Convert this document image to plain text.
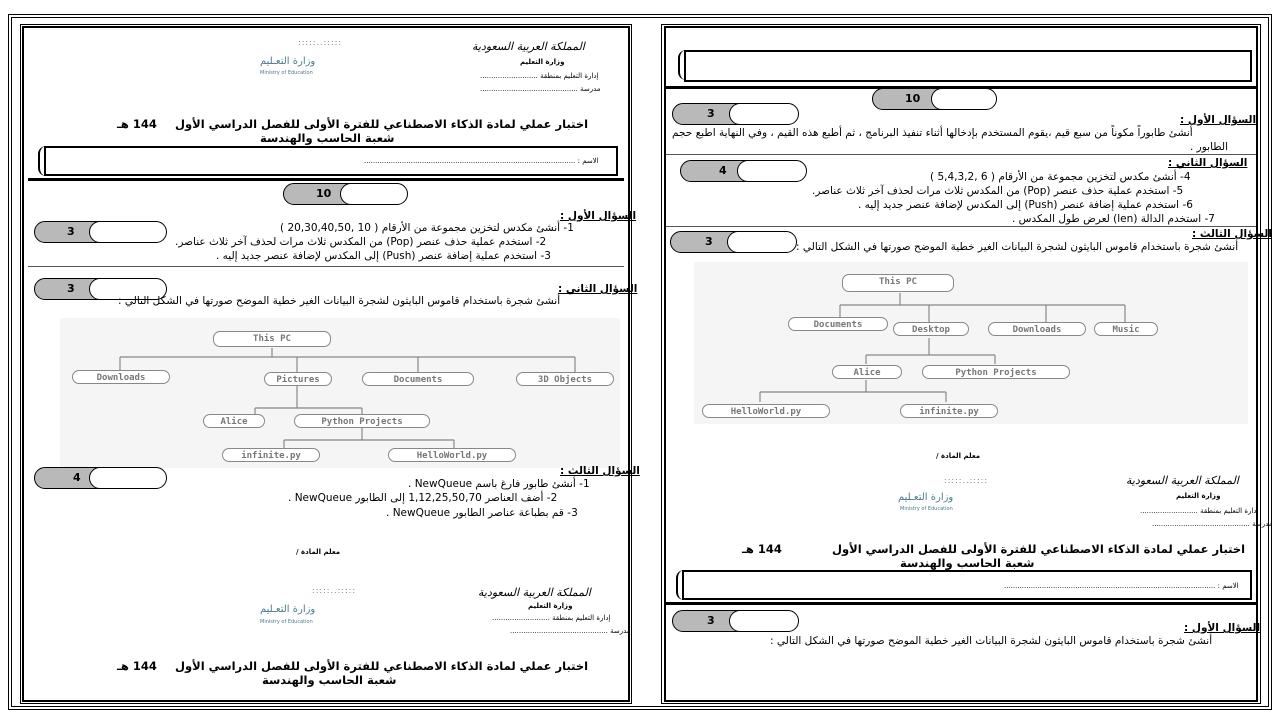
المملكة العربية السعودية
وزارة التعليم
إدارة التعليم بمنطقة ..........................
مدرسة ............................................
:::::..:::::
وزارة التعـليم
Ministry of Education
اختبار عملي لمادة الذكاء الاصطناعي للفترة الأولى للفصل الدراسي الأول
144 هـ
شعبة الحاسب والهندسة
الاسم : ...............................................................................................
10
3
السؤال الأول :
1- أنشئ مكدس لتخزين مجموعة من الأرقام ( 10 ,20,30,40,50 )
2- استخدم عملية حذف عنصر (Pop) من المكدس ثلاث مرات لحذف آخر ثلاث عناصر.
3- استخدم عملية إضافة عنصر (Push) إلى المكدس لإضافة عنصر جديد إليه .
3	السؤال الثاني :
أنشئ شجرة باستخدام قاموس البايثون لشجرة البيانات الغير خطية الموضح صورتها في الشكل التالي :
This PC
Downloads	Pictures	Documents	3D Objects
Alice	Python Projects
infinite.py	HelloWorld.py
4	السؤال الثالث :
1- أنشئ طابور فارغ باسم NewQueue .
2- أضف العناصر 1,12,25,50,70 إلى الطابور NewQueue .
3- قم بطباعة عناصر الطابور NewQueue .
معلم المادة /
المملكة العربية السعودية
وزارة التعليم
إدارة التعليم بمنطقة ..........................
مدرسة ............................................
:::::..:::::
وزارة التعـليم
Ministry of Education
اختبار عملي لمادة الذكاء الاصطناعي للفترة الأولى للفصل الدراسي الأول
144 هـ
شعبة الحاسب والهندسة
10
3	السؤال الأول :
أنشئ طابوراً مكوناً من سبع قيم ،يقوم المستخدم بإدخالها أثناء تنفيذ البرنامج ، ثم أطبع هذه القيم ، وفي النهاية اطبع حجم
الطابور .
4
السؤال الثاني :
4- أنشئ مكدس لتخزين مجموعة من الأرقام ( 6 ,5,4,3,2 )
5- استخدم عملية حذف عنصر (Pop) من المكدس ثلاث مرات لحذف آخر ثلاث عناصر.
6- استخدم عملية إضافة عنصر (Push) إلى المكدس لإضافة عنصر جديد إليه .
7- استخدم الدالة (len) لعرض طول المكدس .
3
السؤال الثالث :
أنشئ شجرة باستخدام قاموس البايثون لشجرة البيانات الغير خطية الموضح صورتها في الشكل التالي :
This PC
Documents	Desktop	Downloads	Music
Alice	Python Projects
HelloWorld.py	infinite.py
معلم المادة /
المملكة العربية السعودية
وزارة التعليم
إدارة التعليم بمنطقة ..........................
مدرسة ............................................
:::::..:::::
وزارة التعـليم
Ministry of Education
اختبار عملي لمادة الذكاء الاصطناعي للفترة الأولى للفصل الدراسي الأول
144 هـ
شعبة الحاسب والهندسة
الاسم : ...............................................................................................
3
السؤال الأول :
أنشئ شجرة باستخدام قاموس البايثون لشجرة البيانات الغير خطية الموضح صورتها في الشكل التالي :
